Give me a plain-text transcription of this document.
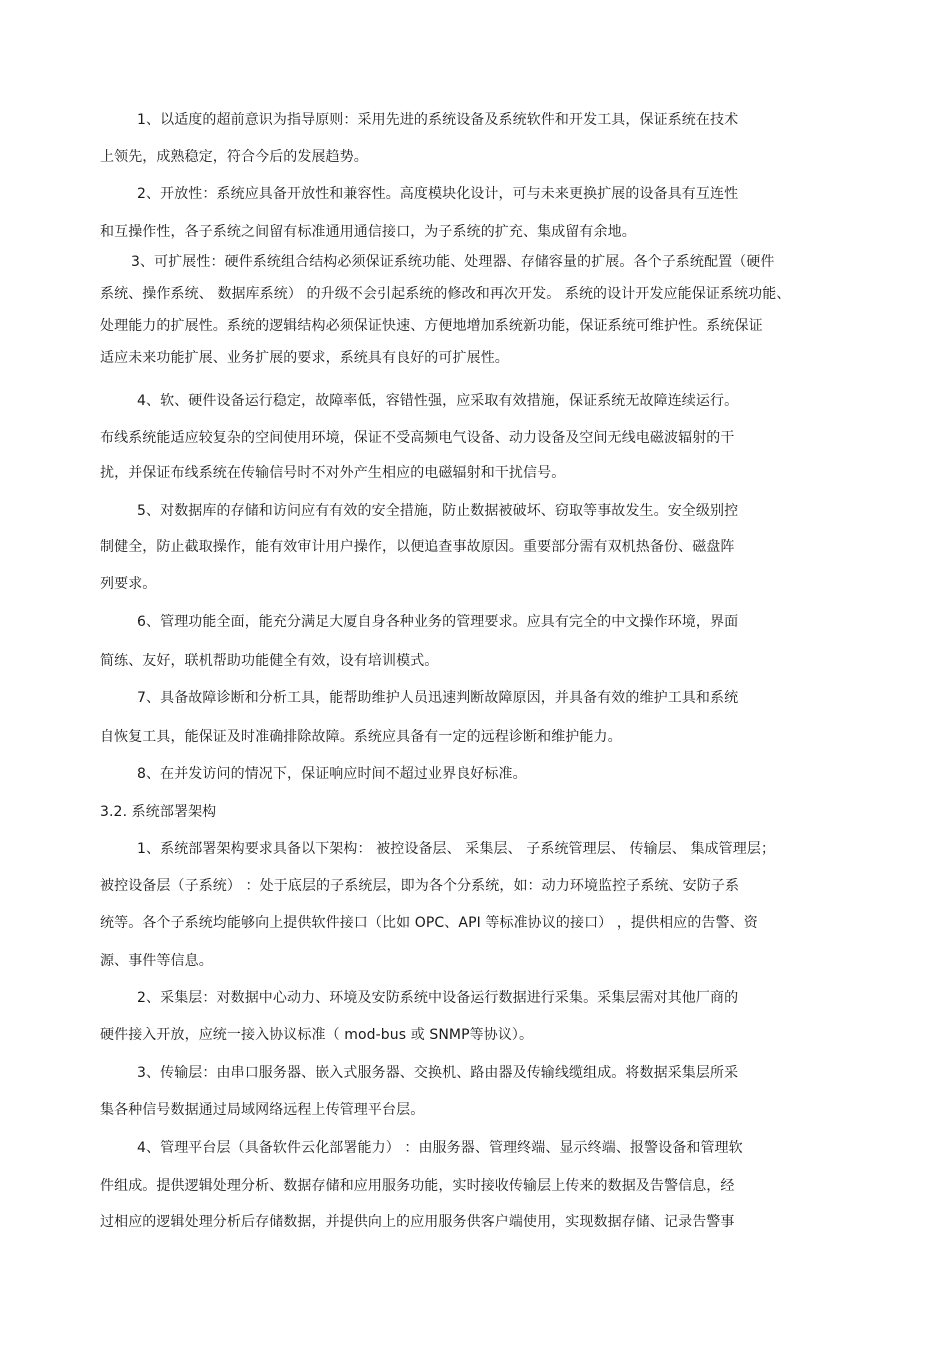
1、以适度的超前意识为指导原则：采用先进的系统设备及系统软件和开发工具，保证系统在技术
上领先，成熟稳定，符合今后的发展趋势。
2、开放性：系统应具备开放性和兼容性。高度模块化设计，可与未来更换扩展的设备具有互连性
和互操作性，各子系统之间留有标准通用通信接口，为子系统的扩充、集成留有余地。
3、可扩展性：硬件系统组合结构必须保证系统功能、处理器、存储容量的扩展。各个子系统配置（硬件
系统、操作系统、 数据库系统） 的升级不会引起系统的修改和再次开发。 系统的设计开发应能保证系统功能、
处理能力的扩展性。系统的逻辑结构必须保证快速、方便地增加系统新功能，保证系统可维护性。系统保证
适应未来功能扩展、业务扩展的要求，系统具有良好的可扩展性。
4、软、硬件设备运行稳定，故障率低，容错性强，应采取有效措施，保证系统无故障连续运行。
布线系统能适应较复杂的空间使用环境，保证不受高频电气设备、动力设备及空间无线电磁波辐射的干
扰，并保证布线系统在传输信号时不对外产生相应的电磁辐射和干扰信号。
5、对数据库的存储和访问应有有效的安全措施，防止数据被破坏、窃取等事故发生。安全级别控
制健全，防止截取操作，能有效审计用户操作，以便追查事故原因。重要部分需有双机热备份、磁盘阵
列要求。
6、管理功能全面，能充分满足大厦自身各种业务的管理要求。应具有完全的中文操作环境，界面
简练、友好，联机帮助功能健全有效，设有培训模式。
7、具备故障诊断和分析工具，能帮助维护人员迅速判断故障原因，并具备有效的维护工具和系统
自恢复工具，能保证及时准确排除故障。系统应具备有一定的远程诊断和维护能力。
8、在并发访问的情况下，保证响应时间不超过业界良好标准。
3.2. 系统部署架构
1、系统部署架构要求具备以下架构： 被控设备层、 采集层、 子系统管理层、 传输层、 集成管理层；
被控设备层（子系统） ：处于底层的子系统层，即为各个分系统，如：动力环境监控子系统、安防子系
统等。各个子系统均能够向上提供软件接口（比如 OPC、API 等标准协议的接口） ，提供相应的告警、资
源、事件等信息。
2、采集层：对数据中心动力、环境及安防系统中设备运行数据进行采集。采集层需对其他厂商的
硬件接入开放，应统一接入协议标准（ mod-bus 或 SNMP等协议）。
3、传输层：由串口服务器、嵌入式服务器、交换机、路由器及传输线缆组成。将数据采集层所采
集各种信号数据通过局域网络远程上传管理平台层。
4、管理平台层（具备软件云化部署能力） ：由服务器、管理终端、显示终端、报警设备和管理软
件组成。提供逻辑处理分析、数据存储和应用服务功能，实时接收传输层上传来的数据及告警信息，经
过相应的逻辑处理分析后存储数据，并提供向上的应用服务供客户端使用，实现数据存储、记录告警事
